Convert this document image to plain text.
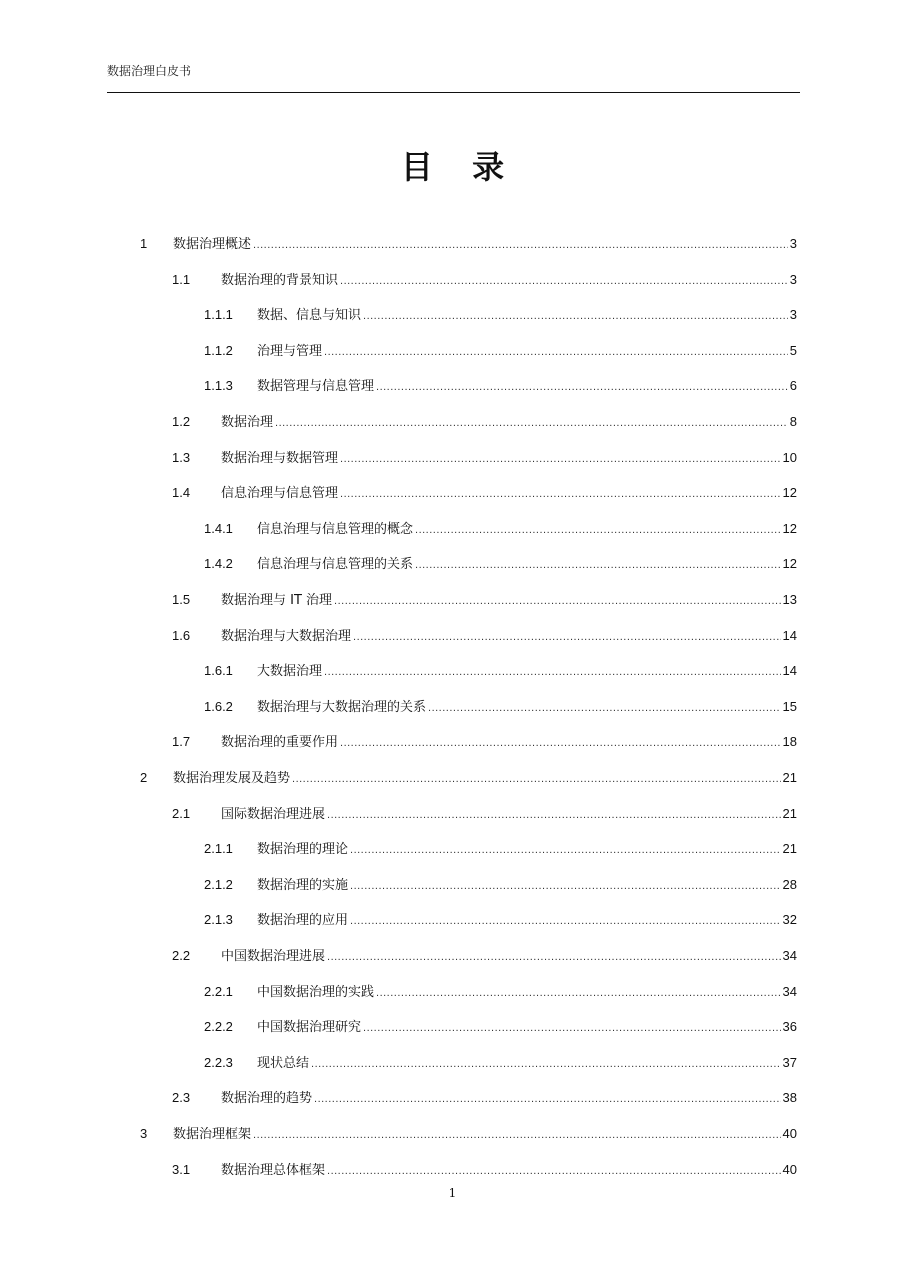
数据治理白皮书
目 录
1	数据治理概述 .....	3
1.1	数据治理的背景知识 .....	3
1.1.1	数据、信息与知识 .....	3
1.1.2	治理与管理 .....	5
1.1.3	数据管理与信息管理 .....	6
1.2	数据治理 .....	8
1.3	数据治理与数据管理 .....	10
1.4	信息治理与信息管理 .....	12
1.4.1	信息治理与信息管理的概念 .....	12
1.4.2	信息治理与信息管理的关系 .....	12
1.5	数据治理与 IT 治理 .....	13
1.6	数据治理与大数据治理 .....	14
1.6.1	大数据治理 .....	14
1.6.2	数据治理与大数据治理的关系 .....	15
1.7	数据治理的重要作用 .....	18
2	数据治理发展及趋势 .....	21
2.1	国际数据治理进展 .....	21
2.1.1	数据治理的理论 .....	21
2.1.2	数据治理的实施 .....	28
2.1.3	数据治理的应用 .....	32
2.2	中国数据治理进展 .....	34
2.2.1	中国数据治理的实践 .....	34
2.2.2	中国数据治理研究 .....	36
2.2.3	现状总结 .....	37
2.3	数据治理的趋势 .....	38
3	数据治理框架 .....	40
3.1	数据治理总体框架 .....	40
1
